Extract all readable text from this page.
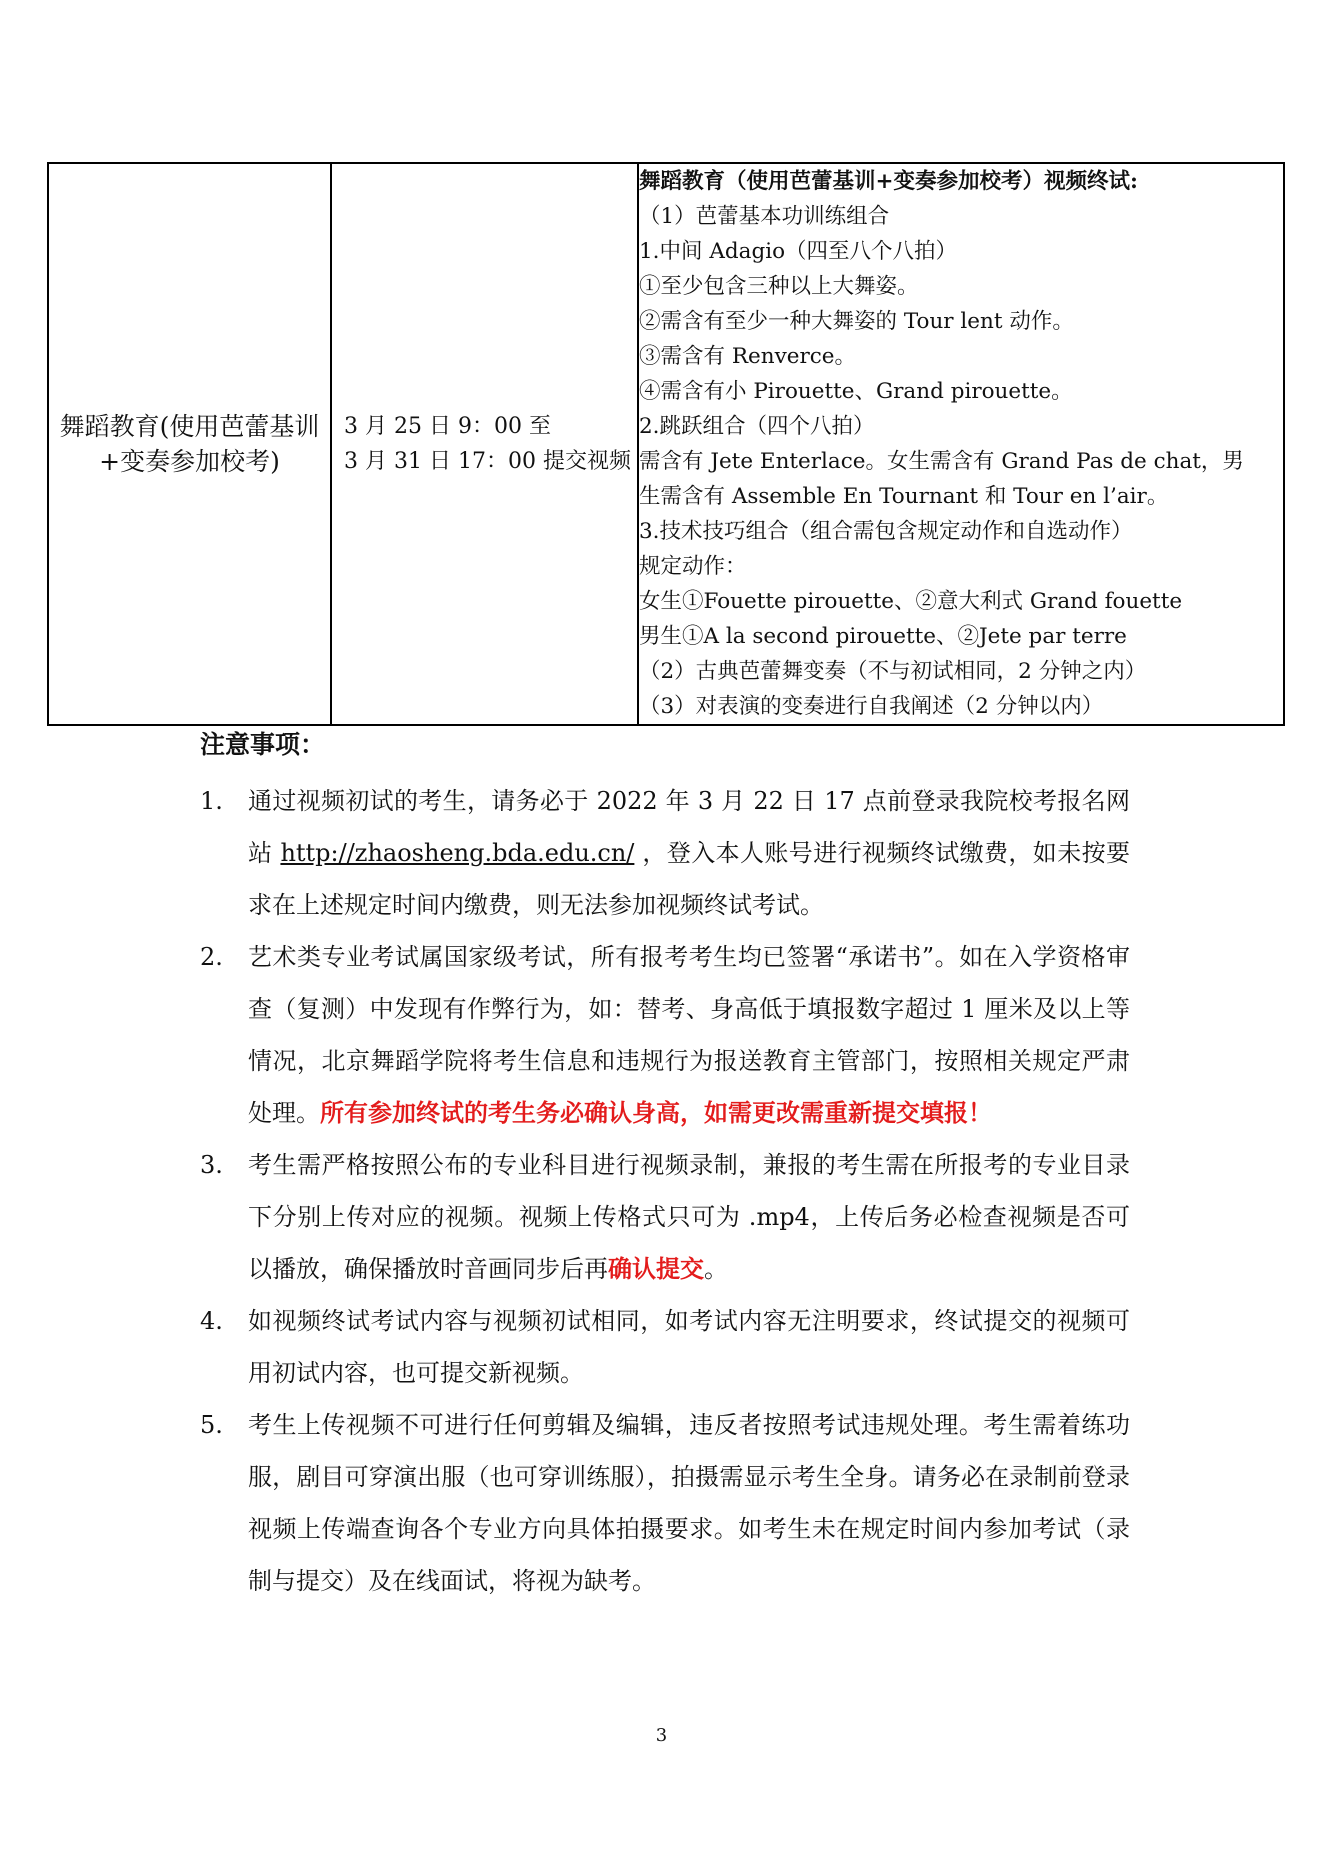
舞蹈教育(使用芭蕾基训+变奏参加校考)

3 月 25 日 9：00 至
3 月 31 日 17：00 提交视频

舞蹈教育（使用芭蕾基训+变奏参加校考）视频终试:
（1）芭蕾基本功训练组合
1.中间 Adagio（四至八个八拍）
①至少包含三种以上大舞姿。
②需含有至少一种大舞姿的 Tour lent 动作。
③需含有 Renverce。
④需含有小 Pirouette、Grand pirouette。
2.跳跃组合（四个八拍）
需含有 Jete Enterlace。女生需含有 Grand Pas de chat，男
生需含有 Assemble En Tournant 和 Tour en l’air。
3.技术技巧组合（组合需包含规定动作和自选动作）
规定动作：
女生①Fouette pirouette、②意大利式 Grand fouette
男生①A la second pirouette、②Jete par terre
（2）古典芭蕾舞变奏（不与初试相同，2 分钟之内）
（3）对表演的变奏进行自我阐述（2 分钟以内）
注意事项：
1.	通过视频初试的考生，请务必于 2022 年 3 月 22 日 17 点前登录我院校考报名网站 http://zhaosheng.bda.edu.cn/ ，登入本人账号进行视频终试缴费，如未按要求在上述规定时间内缴费，则无法参加视频终试考试。
2.	艺术类专业考试属国家级考试，所有报考考生均已签署“承诺书”。如在入学资格审查（复测）中发现有作弊行为，如：替考、身高低于填报数字超过 1 厘米及以上等情况，北京舞蹈学院将考生信息和违规行为报送教育主管部门，按照相关规定严肃处理。所有参加终试的考生务必确认身高，如需更改需重新提交填报！
3.	考生需严格按照公布的专业科目进行视频录制，兼报的考生需在所报考的专业目录下分别上传对应的视频。视频上传格式只可为 .mp4，上传后务必检查视频是否可以播放，确保播放时音画同步后再确认提交。
4.	如视频终试考试内容与视频初试相同，如考试内容无注明要求，终试提交的视频可用初试内容，也可提交新视频。
5.	考生上传视频不可进行任何剪辑及编辑，违反者按照考试违规处理。考生需着练功服，剧目可穿演出服（也可穿训练服），拍摄需显示考生全身。请务必在录制前登录视频上传端查询各个专业方向具体拍摄要求。如考生未在规定时间内参加考试（录制与提交）及在线面试，将视为缺考。
3
